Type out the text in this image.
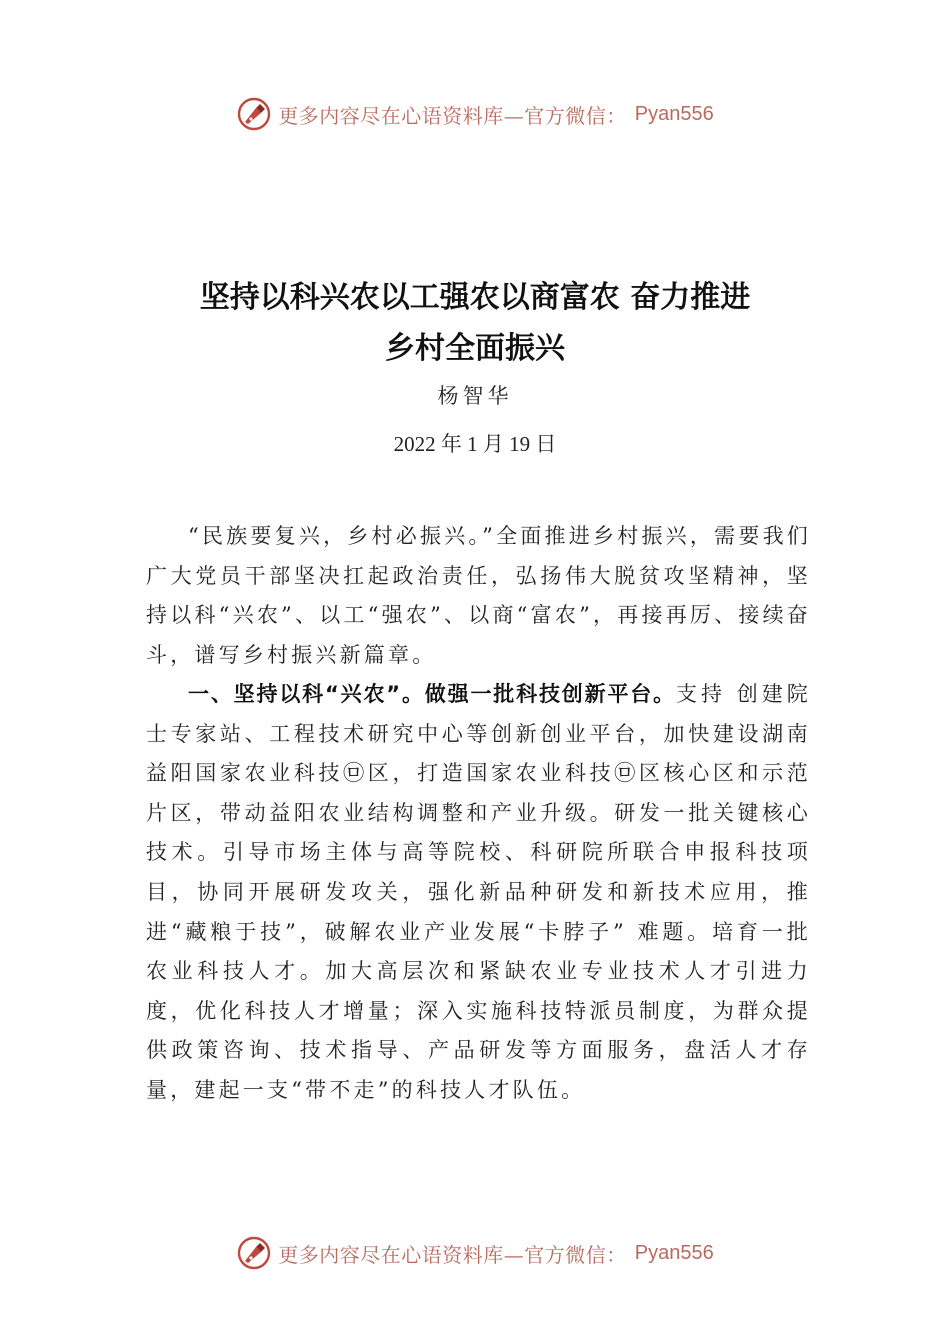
更多内容尽在心语资料库—官方微信： Pyan556
坚持以科兴农以工强农以商富农 奋力推进
乡村全面振兴
杨智华
2022 年 1 月 19 日

“民族要复兴，乡村必振兴。”全面推进乡村振兴，需要我们广大党员干部坚决扛起政治责任，弘扬伟大脱贫攻坚精神，坚持以科“兴农”、以工“强农”、以商“富农”，再接再厉、接续奋斗，谱写乡村振兴新篇章。

一、坚持以科“兴农”。做强一批科技创新平台。支持 创建院士专家站、工程技术研究中心等创新创业平台，加快建设湖南益阳国家农业科技㉤区，打造国家农业科技㉤区核心区和示范片区，带动益阳农业结构调整和产业升级。研发一批关键核心技术。引导市场主体与高等院校、科研院所联合申报科技项目，协同开展研发攻关，强化新品种研发和新技术应用，推进“藏粮于技”，破解农业产业发展“卡脖子” 难题。培育一批农业科技人才。加大高层次和紧缺农业专业技术人才引进力度，优化科技人才增量；深入实施科技特派员制度，为群众提供政策咨询、技术指导、产品研发等方面服务，盘活人才存量，建起一支“带不走”的科技人才队伍。

更多内容尽在心语资料库—官方微信： Pyan556
